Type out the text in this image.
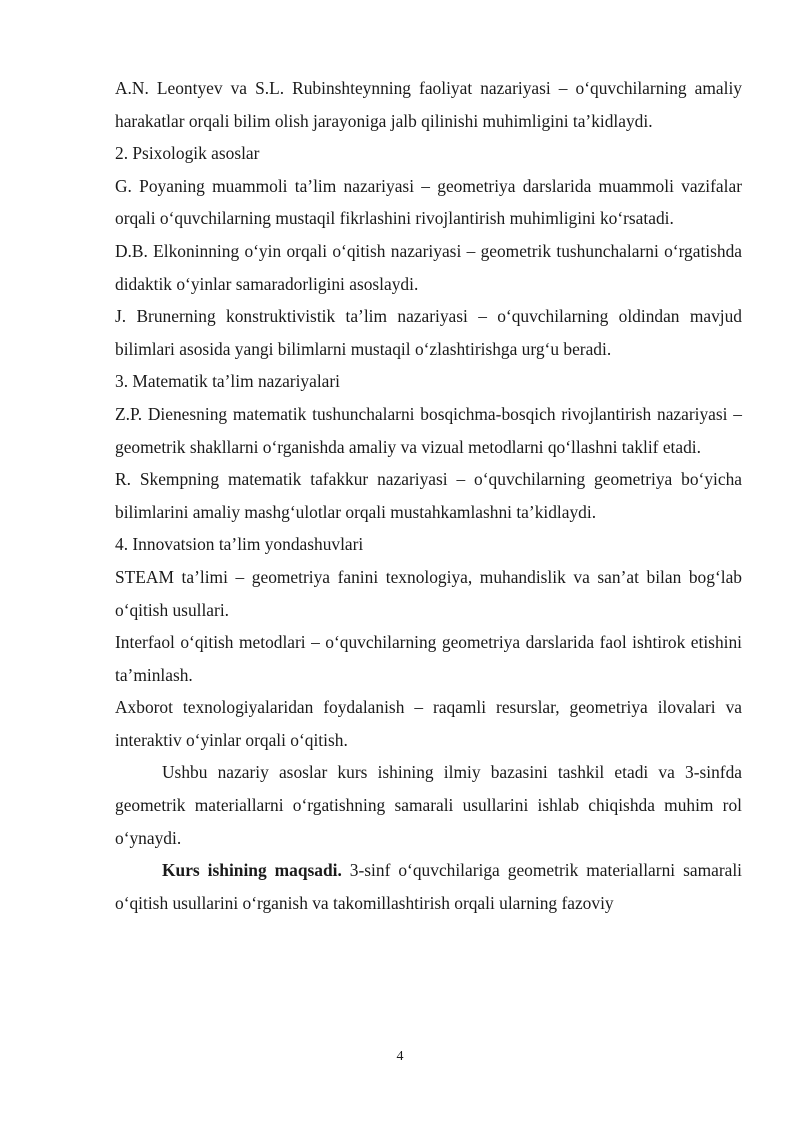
A.N. Leontyev va S.L. Rubinshteynning faoliyat nazariyasi – o‘quvchilarning amaliy harakatlar orqali bilim olish jarayoniga jalb qilinishi muhimligini ta’kidlaydi.

2. Psixologik asoslar

G. Poyaning muammoli ta’lim nazariyasi – geometriya darslarida muammoli vazifalar orqali o‘quvchilarning mustaqil fikrlashini rivojlantirish muhimligini ko‘rsatadi.

D.B. Elkoninning o‘yin orqali o‘qitish nazariyasi – geometrik tushunchalarni o‘rgatishda didaktik o‘yinlar samaradorligini asoslaydi.

J. Brunerning konstruktivistik ta’lim nazariyasi – o‘quvchilarning oldindan mavjud bilimlari asosida yangi bilimlarni mustaqil o‘zlashtirishga urg‘u beradi.

3. Matematik ta’lim nazariyalari

Z.P. Dienesning matematik tushunchalarni bosqichma-bosqich rivojlantirish nazariyasi – geometrik shakllarni o‘rganishda amaliy va vizual metodlarni qo‘llashni taklif etadi.

R. Skempning matematik tafakkur nazariyasi – o‘quvchilarning geometriya bo‘yicha bilimlarini amaliy mashg‘ulotlar orqali mustahkamlashni ta’kidlaydi.

4. Innovatsion ta’lim yondashuvlari

STEAM ta’limi – geometriya fanini texnologiya, muhandislik va san’at bilan bog‘lab o‘qitish usullari.

Interfaol o‘qitish metodlari – o‘quvchilarning geometriya darslarida faol ishtirok etishini ta’minlash.

Axborot texnologiyalaridan foydalanish – raqamli resurslar, geometriya ilovalari va interaktiv o‘yinlar orqali o‘qitish.

Ushbu nazariy asoslar kurs ishining ilmiy bazasini tashkil etadi va 3-sinfda geometrik materiallarni o‘rgatishning samarali usullarini ishlab chiqishda muhim rol o‘ynaydi.

Kurs ishining maqsadi. 3-sinf o‘quvchilariga geometrik materiallarni samarali o‘qitish usullarini o‘rganish va takomillashtirish orqali ularning fazoviy

4
